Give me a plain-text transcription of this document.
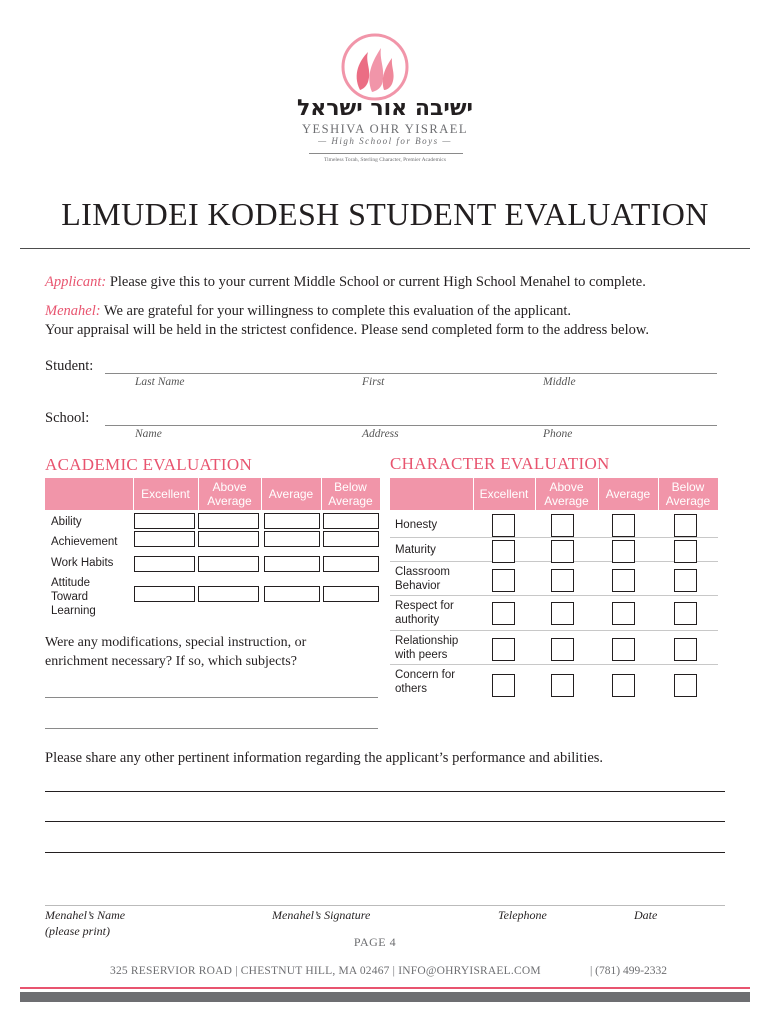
ישיבה אור ישראל
YESHIVA OHR YISRAEL
— High School for Boys —
Timeless Torah, Sterling Character, Premier Academics
LIMUDEI KODESH STUDENT EVALUATION
Applicant: Please give this to your current Middle School or current High School Menahel to complete.
Menahel: We are grateful for your willingness to complete this evaluation of the applicant.
Your appraisal will be held in the strictest confidence. Please send completed form to the address below.
Student:
Last Name	First	Middle
School:
Name	Address	Phone
ACADEMIC EVALUATION
Excellent	Above Average	Average	Below Average
Ability
Achievement
Work Habits
Attitude Toward Learning
Were any modifications, special instruction, or enrichment necessary? If so, which subjects?
CHARACTER EVALUATION
Excellent	Above Average	Average	Below Average
Honesty
Maturity
Classroom Behavior
Respect for authority
Relationship with peers
Concern for others
Please share any other pertinent information regarding the applicant’s performance and abilities.
Menahel’s Name
(please print)
Menahel’s Signature	Telephone	Date
PAGE 4
325 RESERVIOR ROAD | CHESTNUT HILL, MA 02467 | INFO@OHRYISRAEL.COM	| (781) 499-2332
